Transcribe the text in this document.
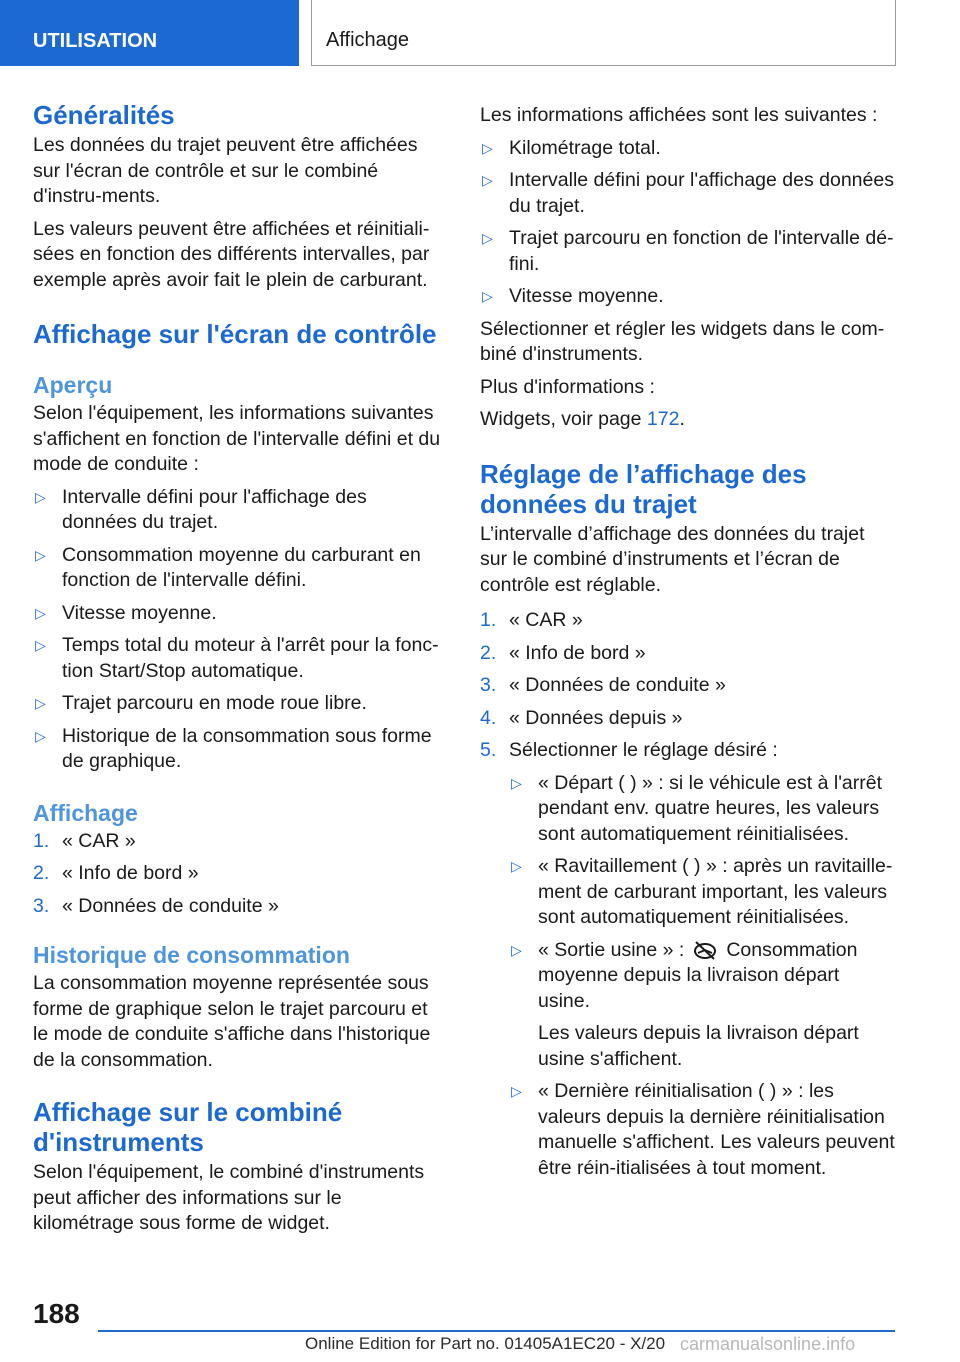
UTILISATION	Affichage
Généralités
Les données du trajet peuvent être affichées sur l'écran de contrôle et sur le combiné d'instru-ments.
Les valeurs peuvent être affichées et réinitiali-sées en fonction des différents intervalles, par exemple après avoir fait le plein de carburant.
Affichage sur l'écran de contrôle
Aperçu
Selon l'équipement, les informations suivantes s'affichent en fonction de l'intervalle défini et du mode de conduite :
▷ Intervalle défini pour l'affichage des données du trajet.
▷ Consommation moyenne du carburant en fonction de l'intervalle défini.
▷ Vitesse moyenne.
▷ Temps total du moteur à l'arrêt pour la fonc-tion Start/Stop automatique.
▷ Trajet parcouru en mode roue libre.
▷ Historique de la consommation sous forme de graphique.
Affichage
1. « CAR »
2. « Info de bord »
3. « Données de conduite »
Historique de consommation
La consommation moyenne représentée sous forme de graphique selon le trajet parcouru et le mode de conduite s'affiche dans l'historique de la consommation.
Affichage sur le combiné d'instruments
Selon l'équipement, le combiné d'instruments peut afficher des informations sur le kilométrage sous forme de widget.
Les informations affichées sont les suivantes :
▷ Kilométrage total.
▷ Intervalle défini pour l'affichage des données du trajet.
▷ Trajet parcouru en fonction de l'intervalle dé-fini.
▷ Vitesse moyenne.
Sélectionner et régler les widgets dans le com-biné d'instruments.
Plus d'informations :
Widgets, voir page 172.
Réglage de l’affichage des données du trajet
L’intervalle d’affichage des données du trajet sur le combiné d’instruments et l’écran de contrôle est réglable.
1. « CAR »
2. « Info de bord »
3. « Données de conduite »
4. « Données depuis »
5. Sélectionner le réglage désiré :
▷ « Départ ( ) » : si le véhicule est à l'arrêt pendant env. quatre heures, les valeurs sont automatiquement réinitialisées.
▷ « Ravitaillement ( ) » : après un ravitaille-ment de carburant important, les valeurs sont automatiquement réinitialisées.
▷ « Sortie usine » : Consommation moyenne depuis la livraison départ usine.
Les valeurs depuis la livraison départ usine s'affichent.
▷ « Dernière réinitialisation ( ) » : les valeurs depuis la dernière réinitialisation manuelle s'affichent. Les valeurs peuvent être réin-itialisées à tout moment.
188
Online Edition for Part no. 01405A1EC20 - X/20 carmanualsonline.info
